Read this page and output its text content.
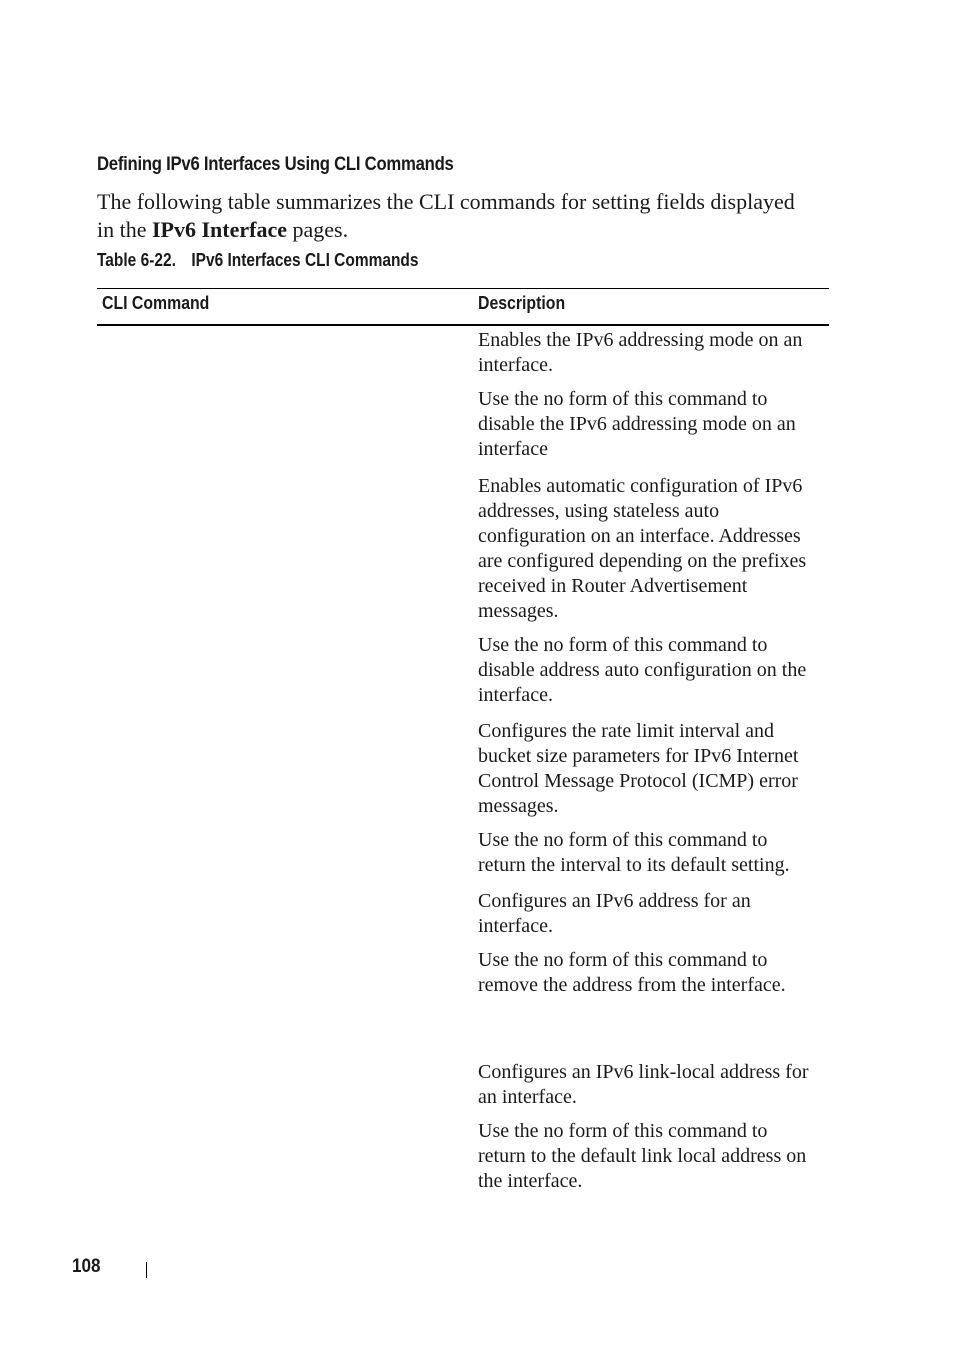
Defining IPv6 Interfaces Using CLI Commands
The following table summarizes the CLI commands for setting fields displayed in the IPv6 Interface pages.
Table 6-22. IPv6 Interfaces CLI Commands
CLI Command	Description
Enables the IPv6 addressing mode on an
interface.
Use the no form of this command to
disable the IPv6 addressing mode on an
interface
Enables automatic configuration of IPv6
addresses, using stateless auto
configuration on an interface. Addresses
are configured depending on the prefixes
received in Router Advertisement
messages.
Use the no form of this command to
disable address auto configuration on the
interface.
Configures the rate limit interval and
bucket size parameters for IPv6 Internet
Control Message Protocol (ICMP) error
messages.
Use the no form of this command to
return the interval to its default setting.
Configures an IPv6 address for an
interface.
Use the no form of this command to
remove the address from the interface.
Configures an IPv6 link-local address for
an interface.
Use the no form of this command to
return to the default link local address on
the interface.
108
